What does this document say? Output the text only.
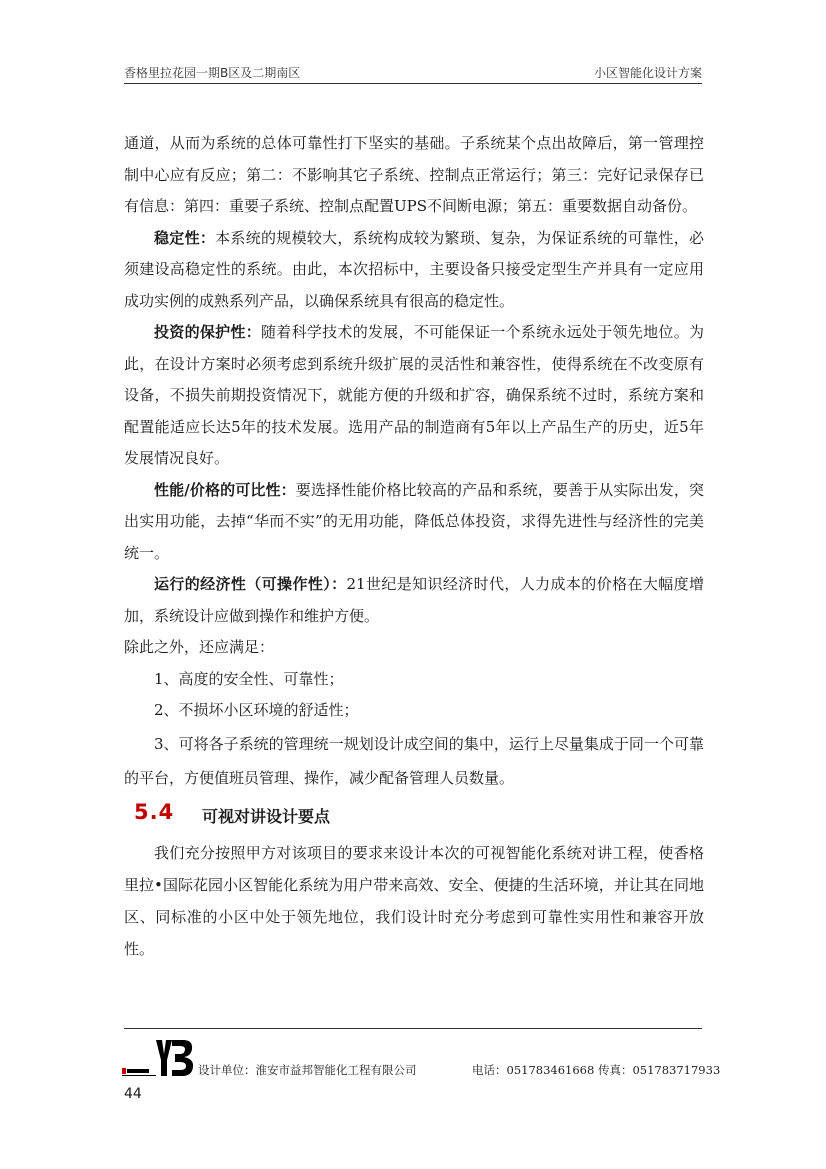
香格里拉花园一期B区及二期南区	小区智能化设计方案

通道，从而为系统的总体可靠性打下坚实的基础。子系统某个点出故障后，第一管理控制中心应有反应；第二：不影响其它子系统、控制点正常运行；第三：完好记录保存已有信息：第四：重要子系统、控制点配置UPS不间断电源；第五：重要数据自动备份。

稳定性：本系统的规模较大，系统构成较为繁琐、复杂，为保证系统的可靠性，必须建设高稳定性的系统。由此，本次招标中，主要设备只接受定型生产并具有一定应用成功实例的成熟系列产品，以确保系统具有很高的稳定性。

投资的保护性：随着科学技术的发展，不可能保证一个系统永远处于领先地位。为此，在设计方案时必须考虑到系统升级扩展的灵活性和兼容性，使得系统在不改变原有设备，不损失前期投资情况下，就能方便的升级和扩容，确保系统不过时，系统方案和配置能适应长达5年的技术发展。选用产品的制造商有5年以上产品生产的历史，近5年发展情况良好。

性能/价格的可比性：要选择性能价格比较高的产品和系统，要善于从实际出发，突出实用功能，去掉“华而不实”的无用功能，降低总体投资，求得先进性与经济性的完美统一。

运行的经济性（可操作性）：21世纪是知识经济时代，人力成本的价格在大幅度增加，系统设计应做到操作和维护方便。

除此之外，还应满足：

1、高度的安全性、可靠性；

2、不损坏小区环境的舒适性；

3、可将各子系统的管理统一规划设计成空间的集中，运行上尽量集成于同一个可靠的平台，方便值班员管理、操作，减少配备管理人员数量。

5.4 可视对讲设计要点

我们充分按照甲方对该项目的要求来设计本次的可视智能化系统对讲工程，使香格里拉•国际花园小区智能化系统为用户带来高效、安全、便捷的生活环境，并让其在同地区、同标准的小区中处于领先地位，我们设计时充分考虑到可靠性实用性和兼容开放性。

设计单位：淮安市益邦智能化工程有限公司	电话：051783461668 传真：051783717933
44
